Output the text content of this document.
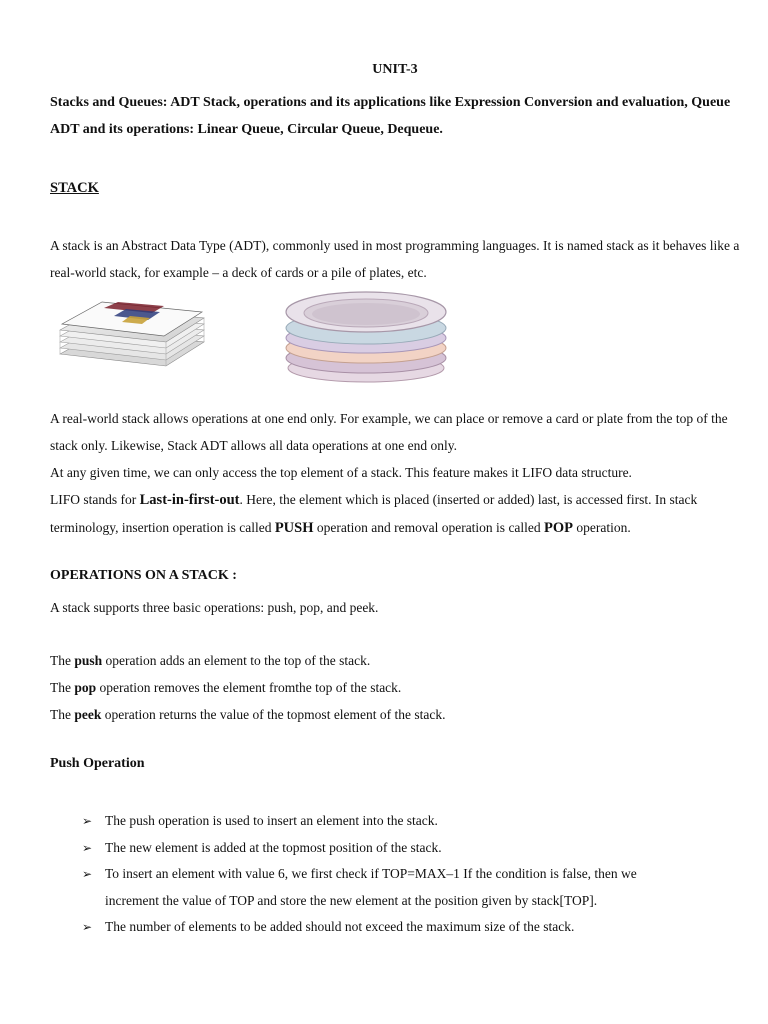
UNIT-3
Stacks and Queues: ADT Stack, operations and its applications like Expression Conversion and evaluation, Queue ADT and its operations: Linear Queue, Circular Queue, Dequeue.
STACK
A stack is an Abstract Data Type (ADT), commonly used in most programming languages. It is named stack as it behaves like a real-world stack, for example – a deck of cards or a pile of plates, etc.
A real-world stack allows operations at one end only. For example, we can place or remove a card or plate from the top of the stack only. Likewise, Stack ADT allows all data operations at one end only.
At any given time, we can only access the top element of a stack. This feature makes it LIFO data structure.
LIFO stands for Last-in-first-out. Here, the element which is placed (inserted or added) last, is accessed first. In stack terminology, insertion operation is called PUSH operation and removal operation is called POP operation.
OPERATIONS ON A STACK :
A stack supports three basic operations: push, pop, and peek.
The push operation adds an element to the top of the stack.
The pop operation removes the element fromthe top of the stack.
The peek operation returns the value of the topmost element of the stack.
Push Operation
➢ The push operation is used to insert an element into the stack.
➢ The new element is added at the topmost position of the stack.
➢ To insert an element with value 6, we first check if TOP=MAX–1 If the condition is false, then we increment the value of TOP and store the new element at the position given by stack[TOP].
➢ The number of elements to be added should not exceed the maximum size of the stack.
